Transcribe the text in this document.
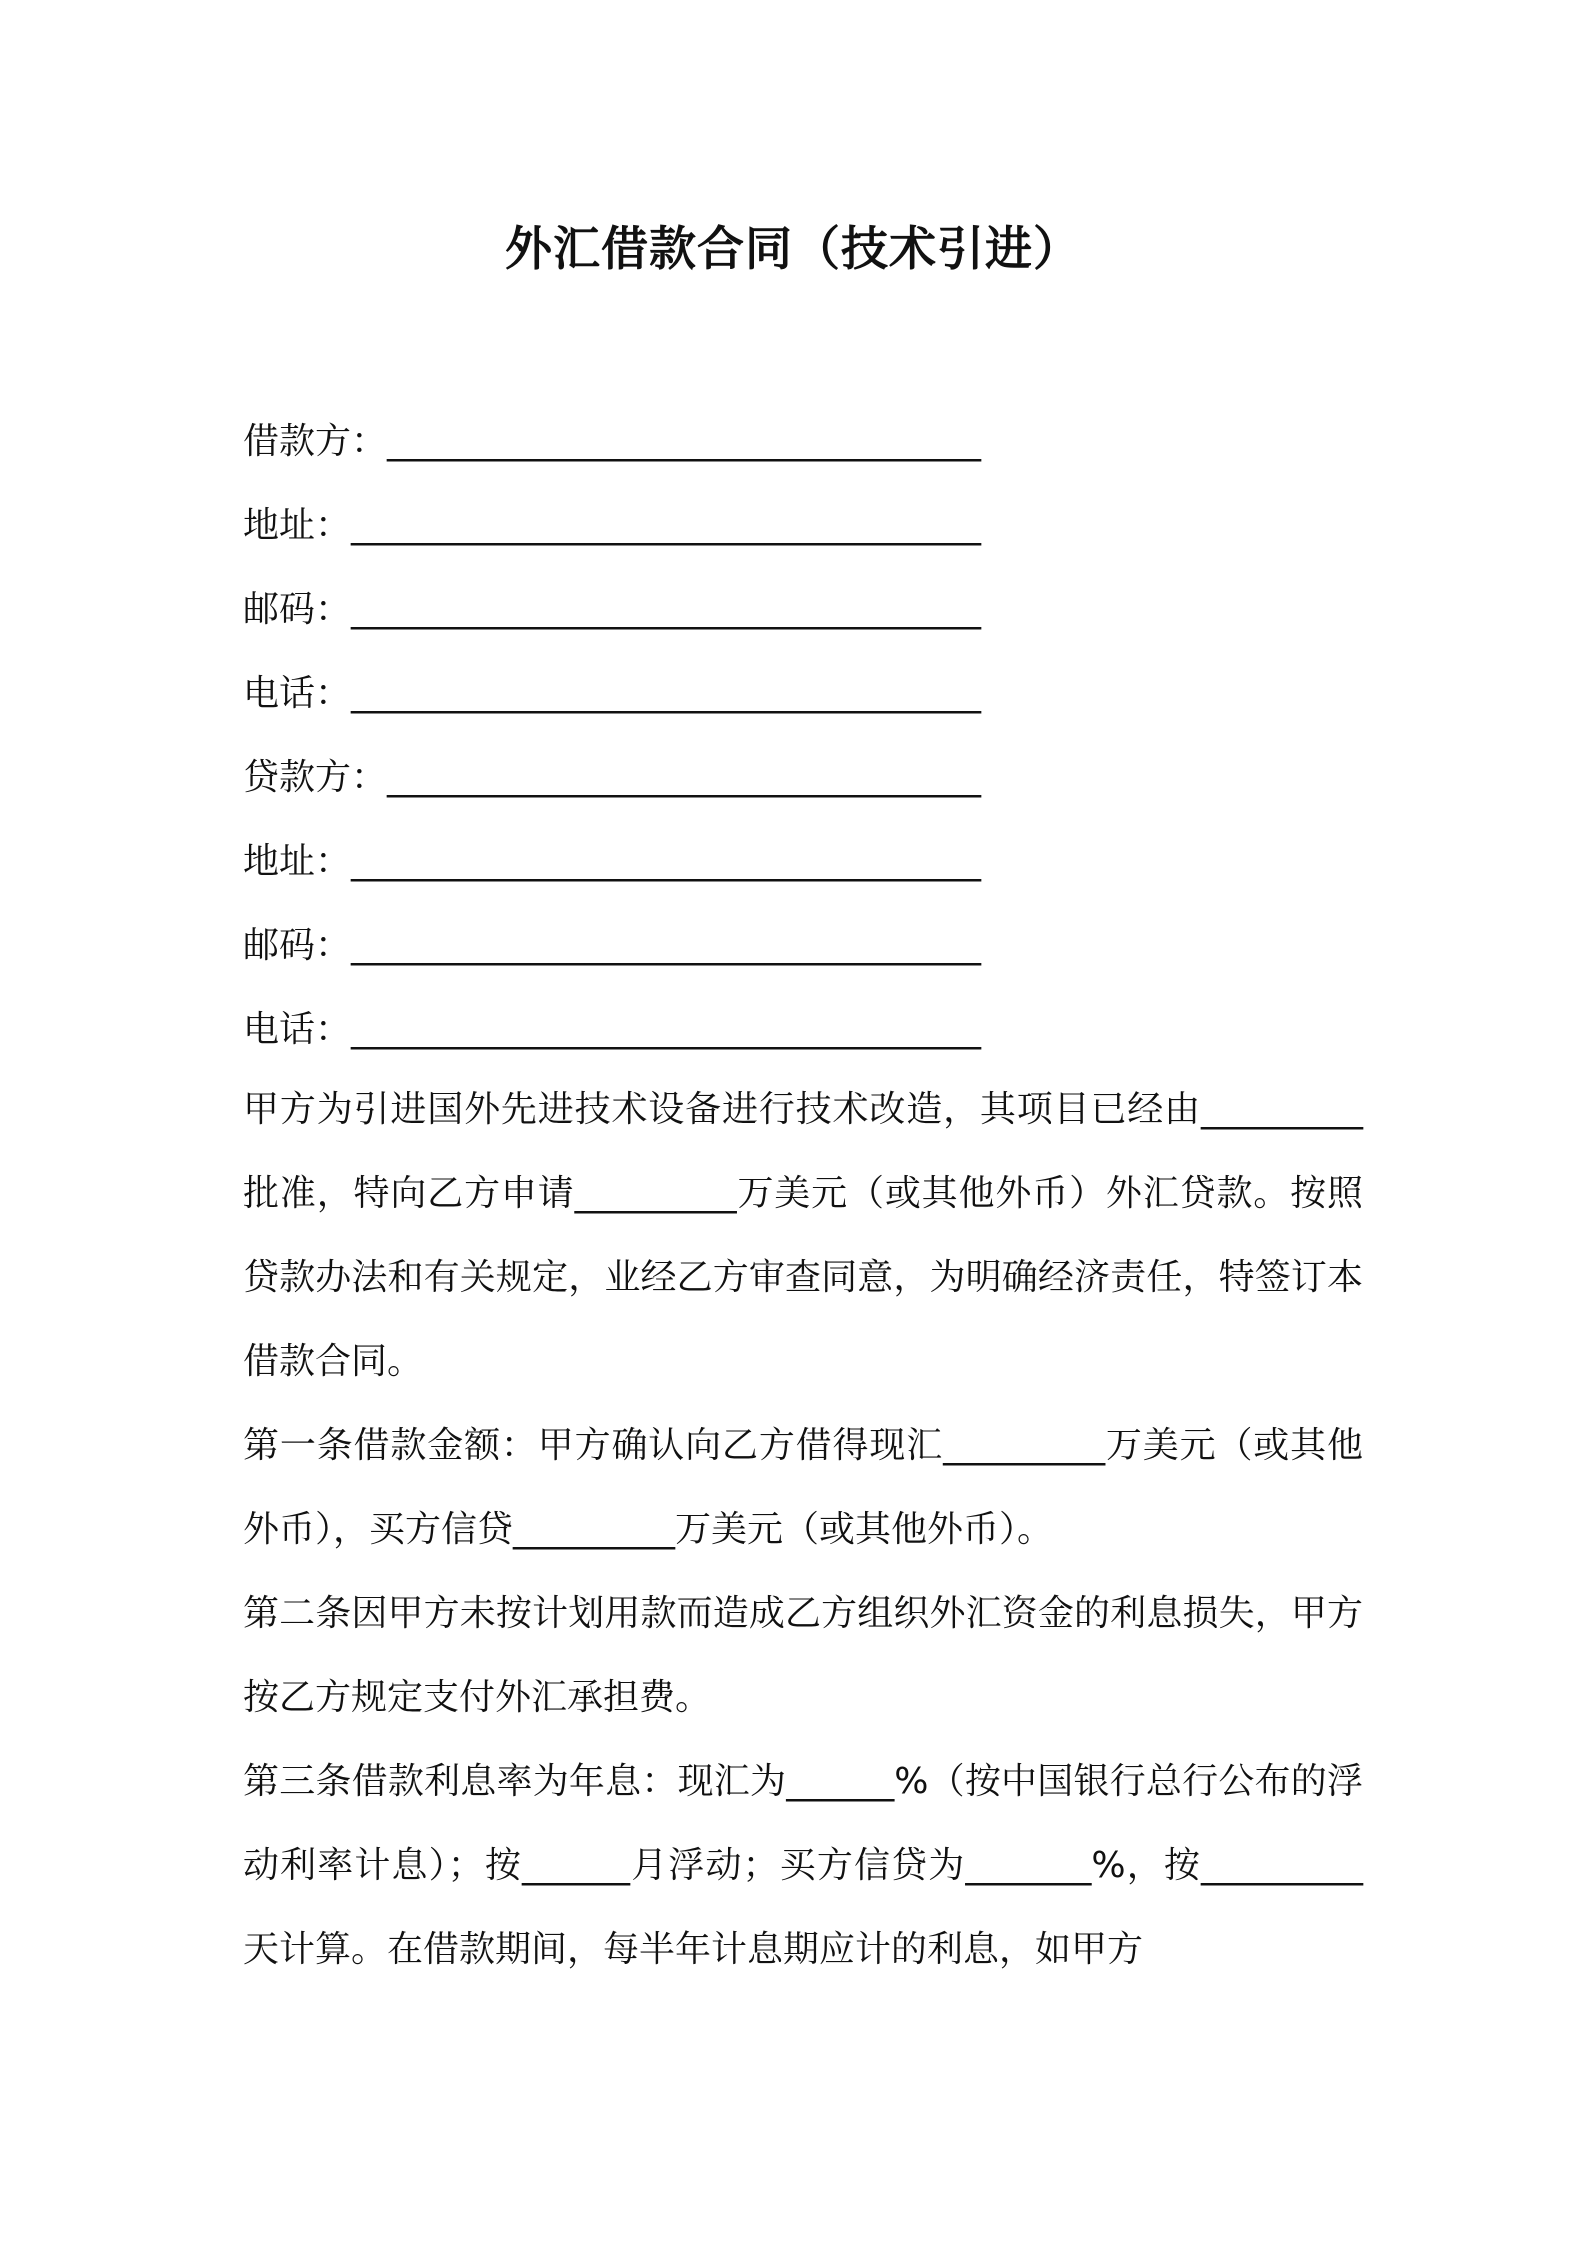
外汇借款合同（技术引进）
借款方：_________________________________
地址：___________________________________
邮码：___________________________________
电话：___________________________________
贷款方：_________________________________
地址：___________________________________
邮码：___________________________________
电话：___________________________________

甲方为引进国外先进技术设备进行技术改造，其项目已经由_________批准，特向乙方申请_________万美元（或其他外币）外汇贷款。按照贷款办法和有关规定，业经乙方审查同意，为明确经济责任，特签订本借款合同。

第一条借款金额：甲方确认向乙方借得现汇_________万美元（或其他外币），买方信贷_________万美元（或其他外币）。

第二条因甲方未按计划用款而造成乙方组织外汇资金的利息损失，甲方按乙方规定支付外汇承担费。

第三条借款利息率为年息：现汇为______%（按中国银行总行公布的浮动利率计息）；按______月浮动；买方信贷为_______%，按_________天计算。在借款期间，每半年计息期应计的利息，如甲方
